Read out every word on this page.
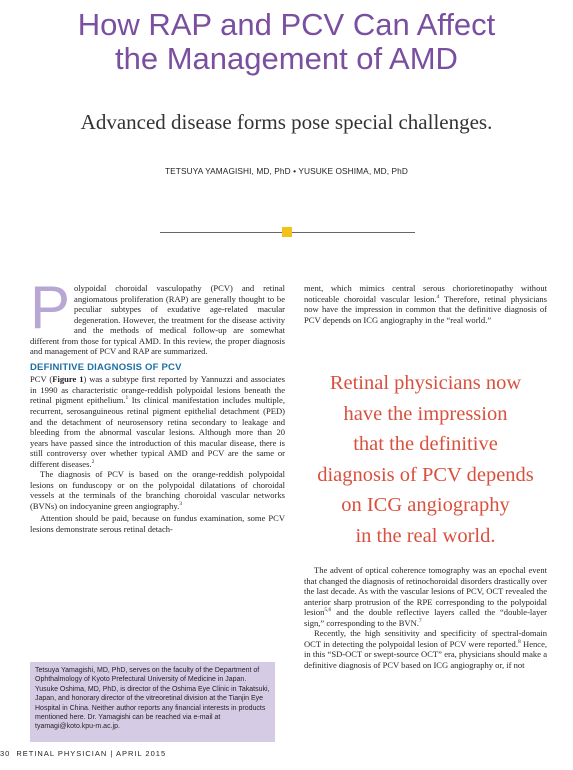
How RAP and PCV Can Affect
the Management of AMD
Advanced disease forms pose special challenges.
TETSUYA YAMAGISHI, MD, PhD • YUSUKE OSHIMA, MD, PhD

Polypoidal choroidal vasculopathy (PCV) and retinal angiomatous proliferation (RAP) are generally thought to be peculiar subtypes of exudative age-related macular degeneration. However, the treatment for the disease activity and the methods of medical follow-up are somewhat different from those for typical AMD. In this review, the proper diagnosis and management of PCV and RAP are summarized.

DEFINITIVE DIAGNOSIS OF PCV

PCV (Figure 1) was a subtype first reported by Yannuzzi and associates in 1990 as characteristic orange-reddish polypoidal lesions beneath the retinal pigment epithelium.$^1$ Its clinical manifestation includes multiple, recurrent, serosanguineous retinal pigment epithelial detachment (PED) and the detachment of neurosensory retina secondary to leakage and bleeding from the abnormal vascular lesions. Although more than 20 years have passed since the introduction of this macular disease, there is still controversy over whether typical AMD and PCV are the same or different diseases.$^2$

The diagnosis of PCV is based on the orange-reddish polypoidal lesions on funduscopy or on the polypoidal dilatations of choroidal vessels at the terminals of the branching choroidal vascular networks (BVNs) on indocyanine green angiography.$^3$

Attention should be paid, because on fundus examination, some PCV lesions demonstrate serous retinal detach-

ment, which mimics central serous chorioretinopathy without noticeable choroidal vascular lesion.$^4$ Therefore, retinal physicians now have the impression in common that the definitive diagnosis of PCV depends on ICG angiography in the “real world.”

Retinal physicians now
have the impression
that the definitive
diagnosis of PCV depends
on ICG angiography
in the real world.

The advent of optical coherence tomography was an epochal event that changed the diagnosis of retinochoroidal disorders drastically over the last decade. As with the vascular lesions of PCV, OCT revealed the anterior sharp protrusion of the RPE corresponding to the polypoidal lesion$^{5,6}$ and the double reflective layers called the “double-layer sign,” corresponding to the BVN.$^7$

Recently, the high sensitivity and specificity of spectral-domain OCT in detecting the polypoidal lesion of PCV were reported.$^8$ Hence, in this “SD-OCT or swept-source OCT” era, physicians should make a definitive diagnosis of PCV based on ICG angiography or, if not

Tetsuya Yamagishi, MD, PhD, serves on the faculty of the Department of Ophthalmology of Kyoto Prefectural University of Medicine in Japan. Yusuke Oshima, MD, PhD, is director of the Oshima Eye Clinic in Takatsuki, Japan, and honorary director of the vitreoretinal division at the Tianjin Eye Hospital in China. Neither author reports any financial interests in products mentioned here. Dr. Yamagishi can be reached via e-mail at tyamagi@koto.kpu-m.ac.jp.
30 RETINAL PHYSICIAN | APRIL 2015
